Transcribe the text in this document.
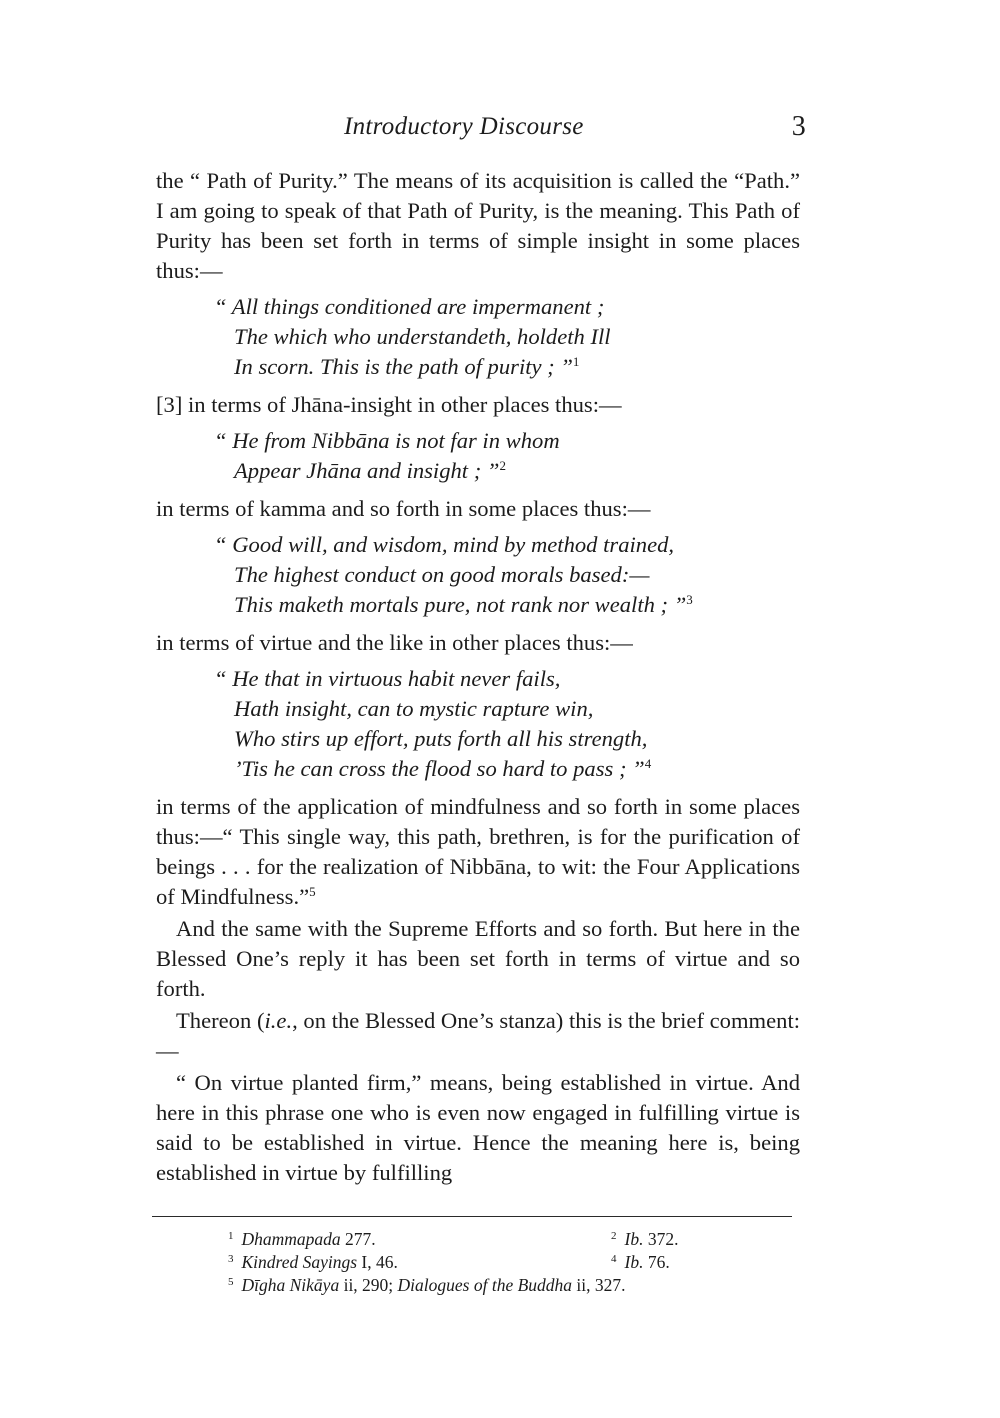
Introductory Discourse	3

the “ Path of Purity.” The means of its acquisition is called the “Path.” I am going to speak of that Path of Purity, is the meaning. This Path of Purity has been set forth in terms of simple insight in some places thus:—

“ All things conditioned are impermanent ;
The which who understandeth, holdeth Ill
In scorn. This is the path of purity ; ”$^1$

[3] in terms of Jhāna-insight in other places thus:—

“ He from Nibbāna is not far in whom
Appear Jhāna and insight ; ”$^2$

in terms of kamma and so forth in some places thus:—

“ Good will, and wisdom, mind by method trained,
The highest conduct on good morals based:—
This maketh mortals pure, not rank nor wealth ; ”$^3$

in terms of virtue and the like in other places thus:—

“ He that in virtuous habit never fails,
Hath insight, can to mystic rapture win,
Who stirs up effort, puts forth all his strength,
’Tis he can cross the flood so hard to pass ; ”$^4$

in terms of the application of mindfulness and so forth in some places thus:—“ This single way, this path, brethren, is for the purification of beings . . . for the realization of Nibbāna, to wit: the Four Applications of Mindfulness.”$^5$

And the same with the Supreme Efforts and so forth. But here in the Blessed One’s reply it has been set forth in terms of virtue and so forth.

Thereon (i.e., on the Blessed One’s stanza) this is the brief comment:—

“ On virtue planted firm,” means, being established in virtue. And here in this phrase one who is even now engaged in fulfilling virtue is said to be established in virtue. Hence the meaning here is, being established in virtue by fulfilling

$^1$ Dhammapada 277.	$^2$ Ib. 372.
$^3$ Kindred Sayings I, 46.	$^4$ Ib. 76.
$^5$ Dīgha Nikāya ii, 290; Dialogues of the Buddha ii, 327.
